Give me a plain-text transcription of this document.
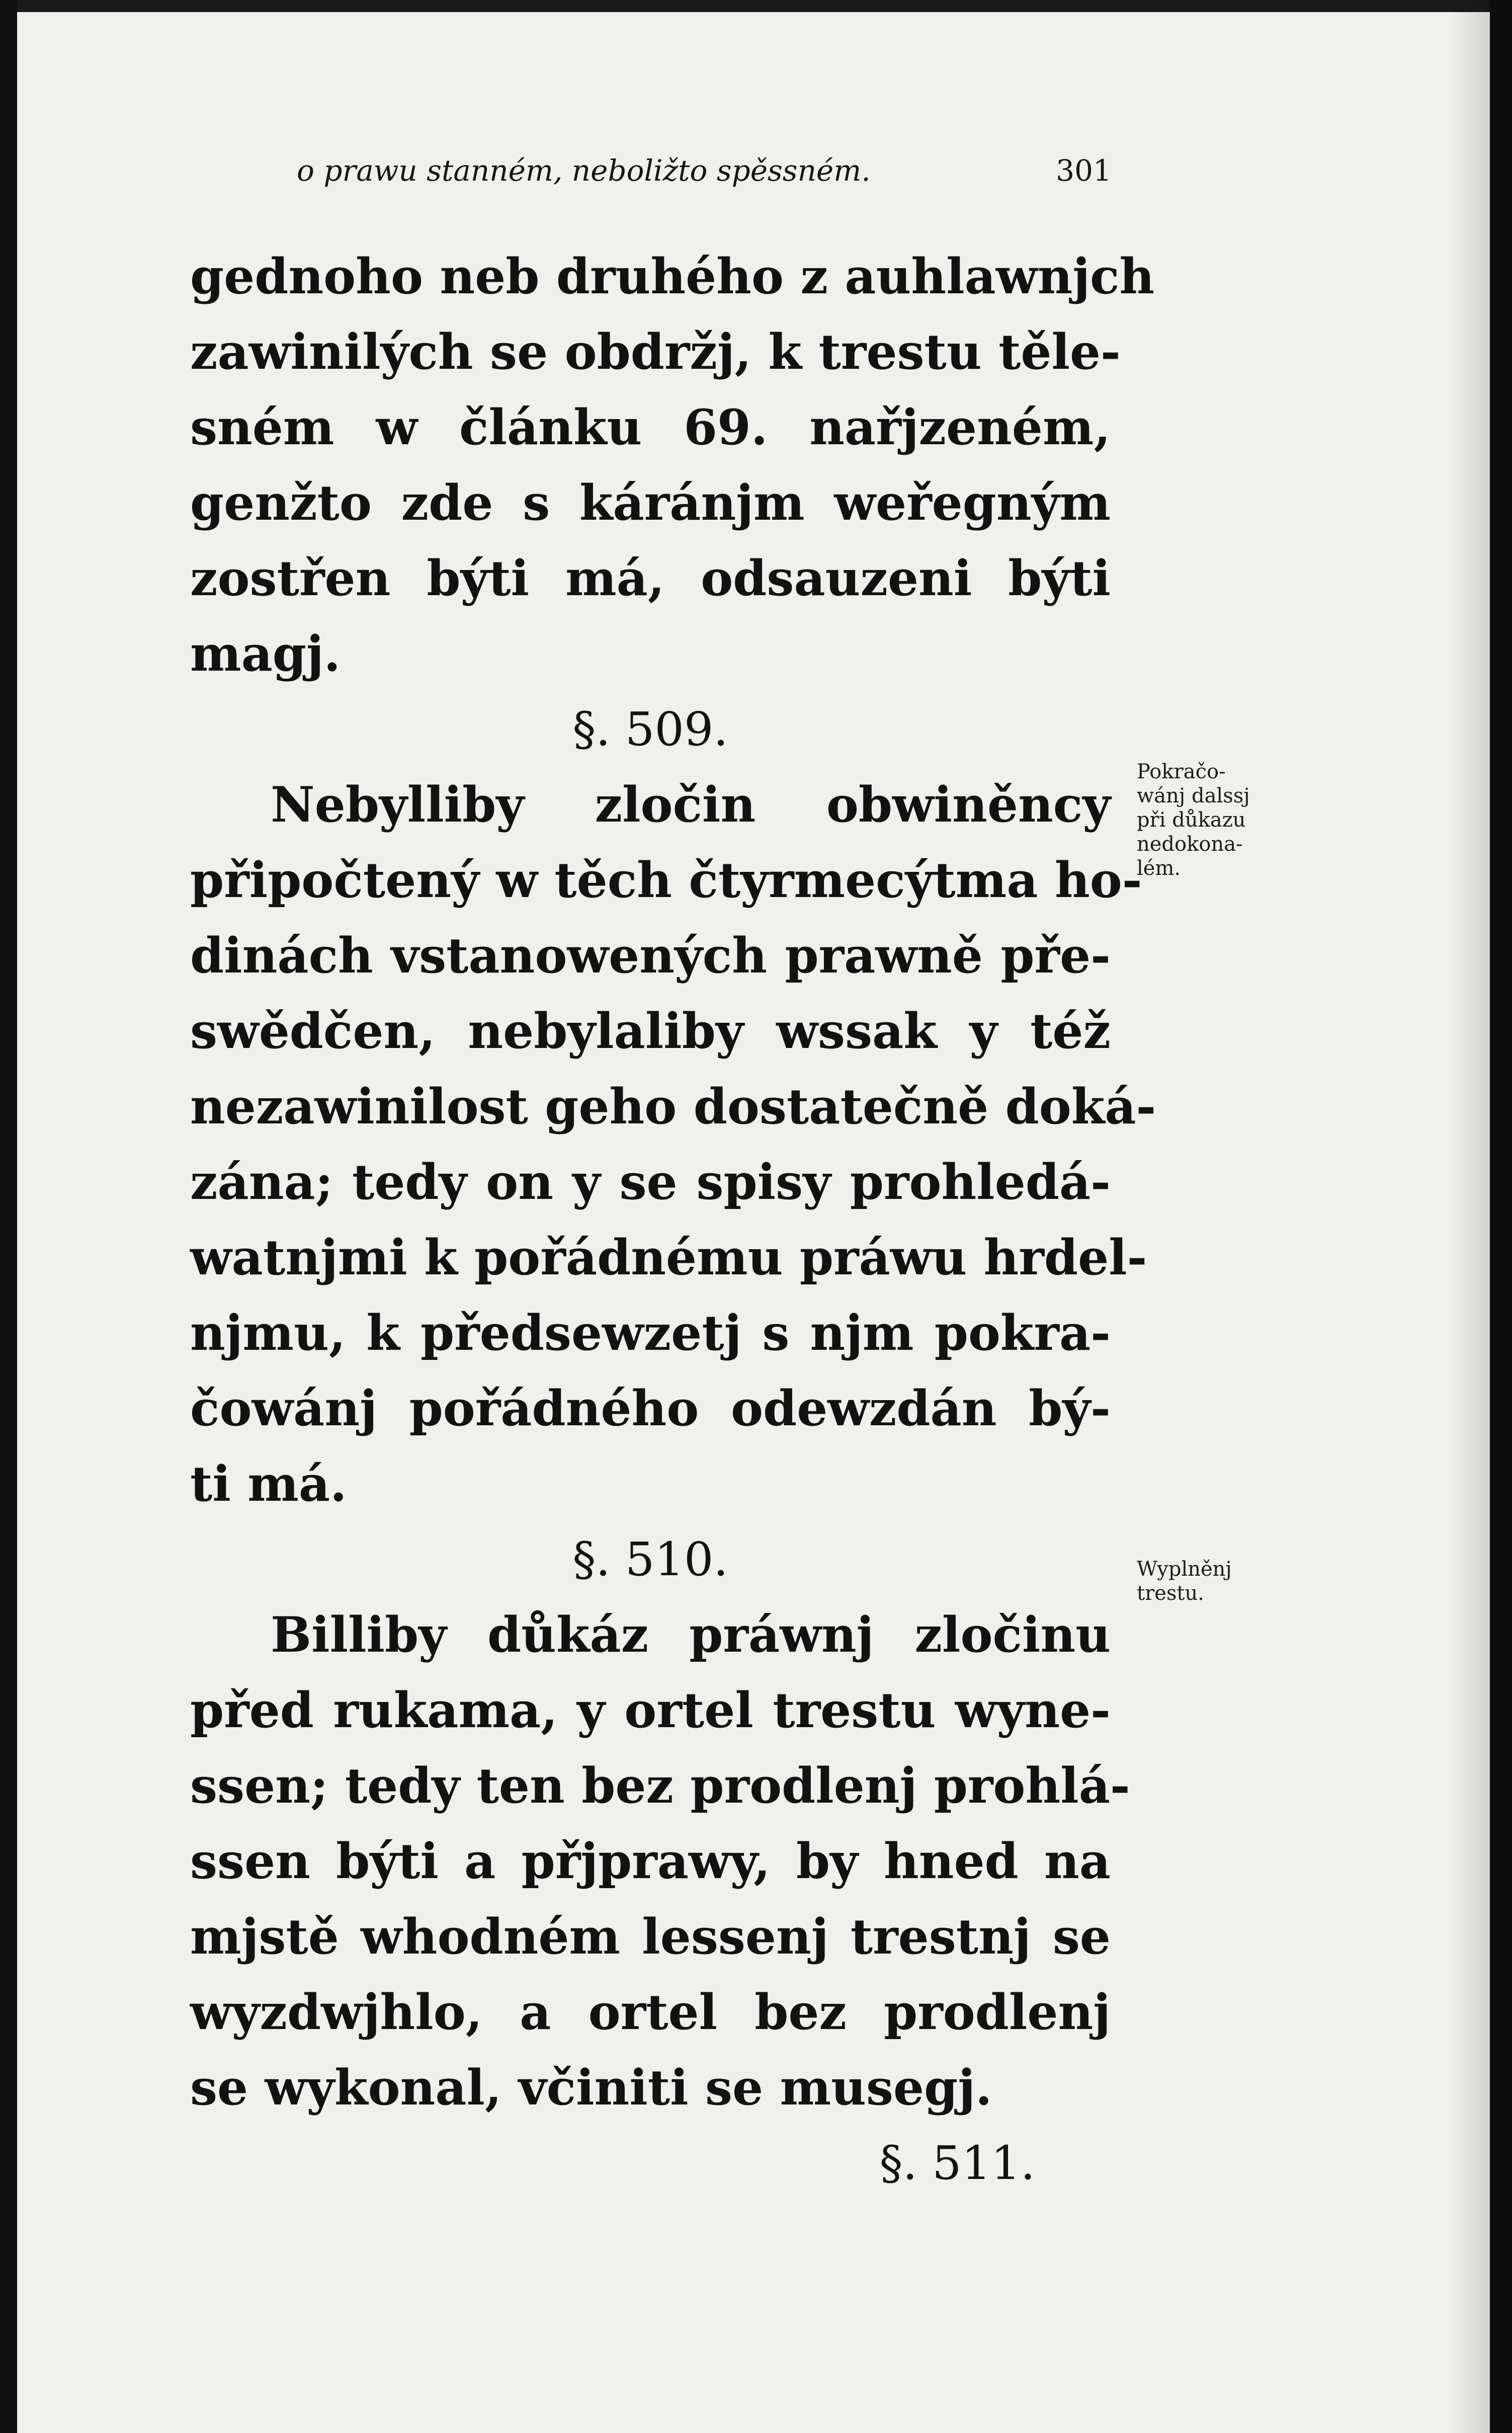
o prawu stanném, neboližto spěssném.	301
gednoho neb druhého z auhlawnjch
zawinilých se obdržj, k trestu těle-
sném w článku 69. nařjzeném,
genžto zde s káránjm weřegným
zostřen býti má, odsauzeni býti
magj.
§. 509.
Nebylliby zločin obwiněncy
připočtený w těch čtyrmecýtma ho-
dinách vstanowených prawně pře-
swědčen, nebylaliby wssak y též
nezawinilost geho dostatečně doká-
zána; tedy on y se spisy prohledá-
watnjmi k pořádnému práwu hrdel-
njmu, k předsewzetj s njm pokra-
čowánj pořádného odewzdán bý-
ti má.
§. 510.
Billiby důkáz práwnj zločinu
před rukama, y ortel trestu wyne-
ssen; tedy ten bez prodlenj prohlá-
ssen býti a přjprawy, by hned na
mjstě whodném lessenj trestnj se
wyzdwjhlo, a ortel bez prodlenj
se wykonal, včiniti se musegj.
§. 511.
Pokračo-
wánj dalssj
při důkazu
nedokona-
lém.
Wyplněnj
trestu.
